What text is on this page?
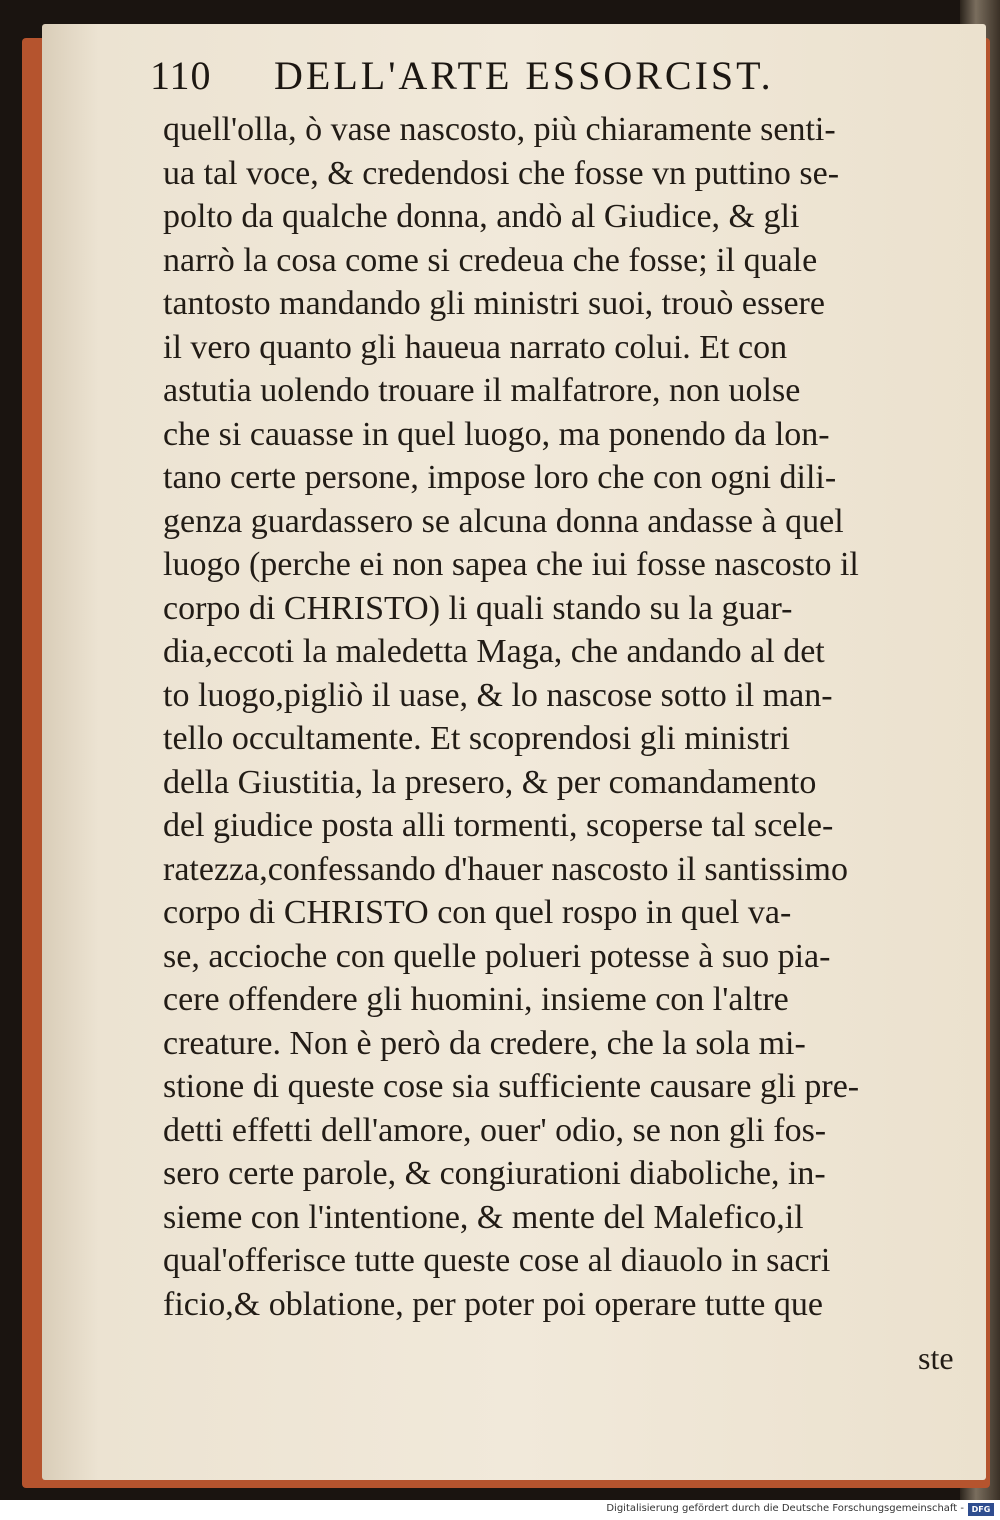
110 DELL'ARTE ESSORCIST.
quell'olla, ò vase nascosto, più chiaramente senti-
ua tal voce, & credendosi che fosse vn puttino se-
polto da qualche donna, andò al Giudice, & gli
narrò la cosa come si credeua che fosse; il quale
tantosto mandando gli ministri suoi, trouò essere
il vero quanto gli haueua narrato colui. Et con
astutia uolendo trouare il malfatrore, non uolse
che si cauasse in quel luogo, ma ponendo da lon-
tano certe persone, impose loro che con ogni dili-
genza guardassero se alcuna donna andasse à quel
luogo (perche ei non sapea che iui fosse nascosto il
corpo di CHRISTO) li quali stando su la guar-
dia,eccoti la maledetta Maga, che andando al det
to luogo,pigliò il uase, & lo nascose sotto il man-
tello occultamente. Et scoprendosi gli ministri
della Giustitia, la presero, & per comandamento
del giudice posta alli tormenti, scoperse tal scele-
ratezza,confessando d'hauer nascosto il santissimo
corpo di CHRISTO con quel rospo in quel va-
se, accioche con quelle polueri potesse à suo pia-
cere offendere gli huomini, insieme con l'altre
creature. Non è però da credere, che la sola mi-
stione di queste cose sia sufficiente causare gli pre-
detti effetti dell'amore, ouer' odio, se non gli fos-
sero certe parole, & congiurationi diaboliche, in-
sieme con l'intentione, & mente del Malefico,il
qual'offerisce tutte queste cose al diauolo in sacri
ficio,& oblatione, per poter poi operare tutte que
ste
Digitalisierung gefördert durch die Deutsche Forschungsgemeinschaft - DFG
